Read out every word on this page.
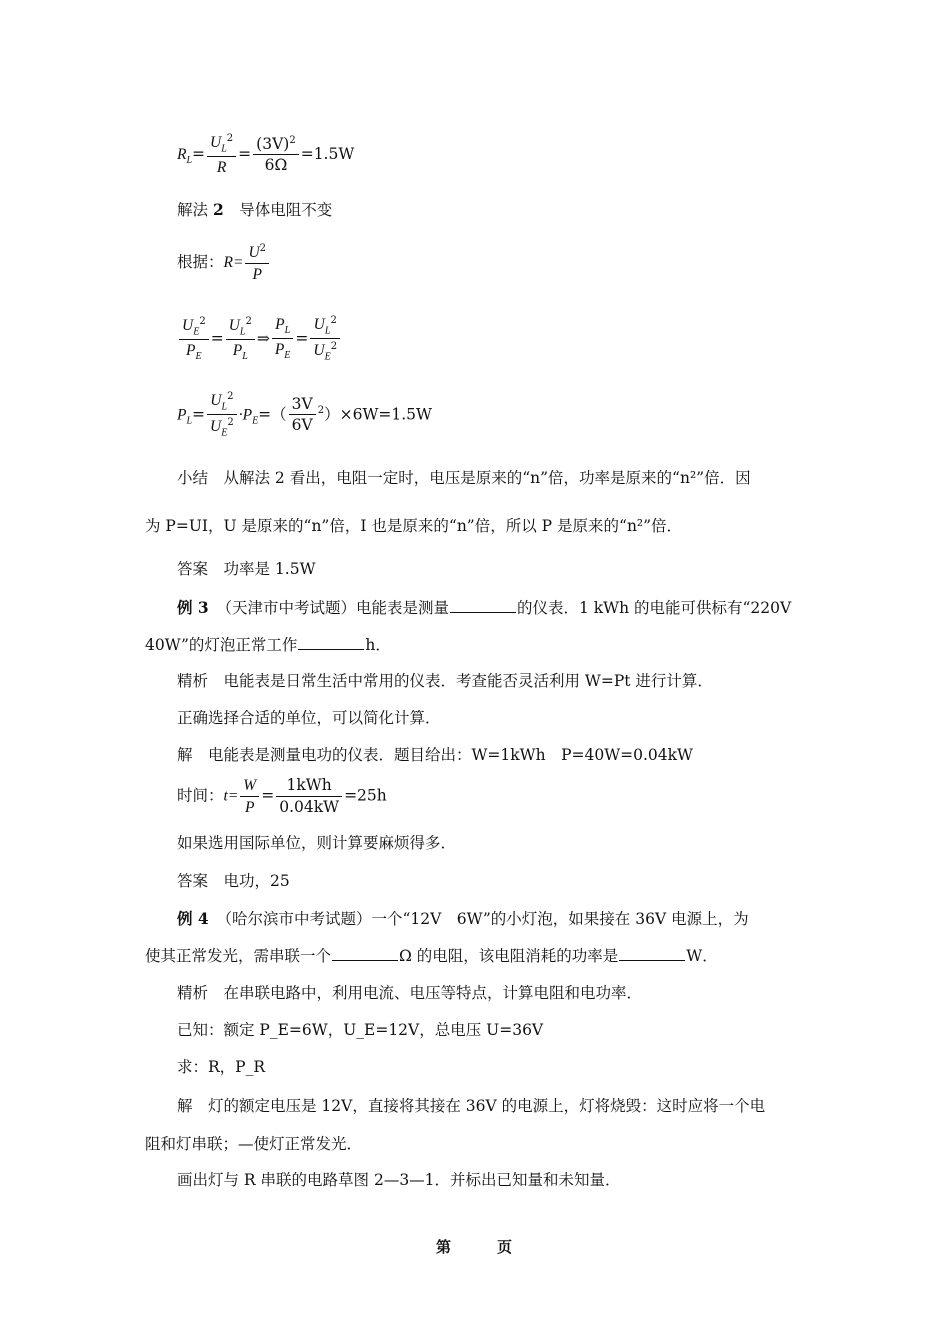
$R_L= \frac{U_L^2}{R} = \frac{(3V)^2}{6\Omega} =1.5W$
解法 2　 导体电阻不变
根据：$R= \frac{U^2}{P}$
$\frac{U_E^2}{P_E} = \frac{U_L^2}{P_L}$ ⇒ $\frac{P_L}{P_E} = \frac{U_L^2}{U_E^2}$
$P_L= \frac{U_L^2}{U_E^2} \cdot P_E=( \frac{3V}{6V} ^2)\times 6W=1.5W$
小结　从解法 2 看出，电阻一定时，电压是原来的“n”倍，功率是原来的“n²”倍．因
为 P=UI，U 是原来的“n”倍，I 也是原来的“n”倍，所以 P 是原来的“n²”倍．
答案　功率是 1.5W
例 3　 （天津市中考试题）电能表是测量	的仪表．1 kWh 的电能可供标有“220V
40W”的灯泡正常工作	h．
精析　电能表是日常生活中常用的仪表．考查能否灵活利用 W=Pt 进行计算．
正确选择合适的单位，可以简化计算．
解　电能表是测量电功的仪表．题目给出：W=1kWh　P=40W=0.04kW
时间：$t= \frac{W}{P}$ =
1kWh
0.04kW
=25h
如果选用国际单位，则计算要麻烦得多．
答案　电功，25
例 4　 （哈尔滨市中考试题）一个“12V　6W”的小灯泡，如果接在 36V 电源上，为
使其正常发光，需串联一个	Ω 的电阻，该电阻消耗的功率是	W．
精析　在串联电路中，利用电流、电压等特点，计算电阻和电功率．
已知：额定 P_E=6W，U_E=12V，总电压 U=36V
求：R，P_R
解　灯的额定电压是 12V，直接将其接在 36V 的电源上，灯将烧毁：这时应将一个电
阻和灯串联；—使灯正常发光．
画出灯与 R 串联的电路草图 2—3—1．并标出已知量和未知量．
第	页
